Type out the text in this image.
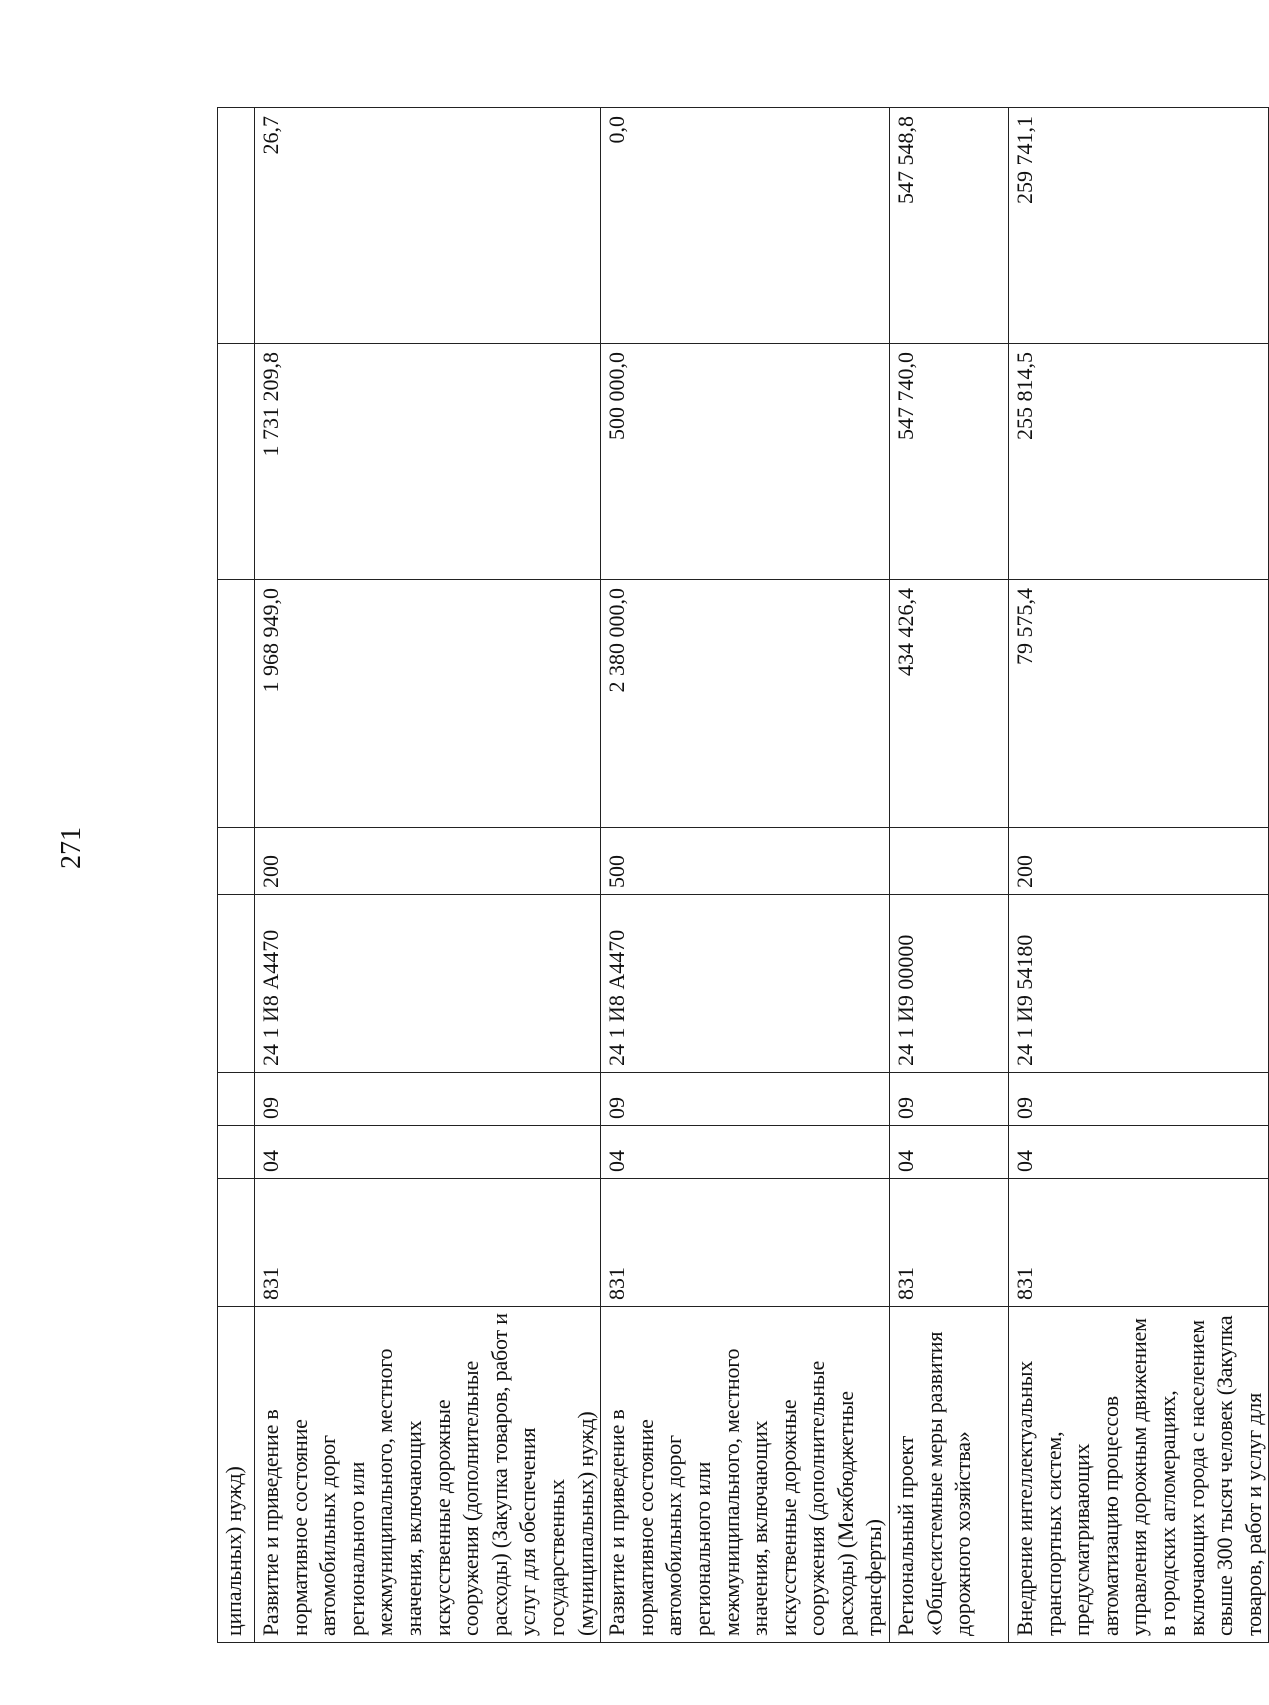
271
ципальных) нужд)								
Развитие и приведение в нормативное состояние автомобильных дорог регионального или межмуниципального, местного значения, включающих искусственные дорожные сооружения (дополнительные расходы) (Закупка товаров, работ и услуг для обеспечения государственных (муниципальных) нужд)	831	04	09	24 1 И8 А4470	200	1 968 949,0	1 731 209,8	26,7
Развитие и приведение в нормативное состояние автомобильных дорог регионального или межмуниципального, местного значения, включающих искусственные дорожные сооружения (дополнительные расходы) (Межбюджетные трансферты)	831	04	09	24 1 И8 А4470	500	2 380 000,0	500 000,0	0,0
Региональный проект «Общесистемные меры развития дорожного хозяйства»	831	04	09	24 1 И9 00000		434 426,4	547 740,0	547 548,8
Внедрение интеллектуальных транспортных систем, предусматривающих автоматизацию процессов управления дорожным движением в городских агломерациях, включающих города с населением свыше 300 тысяч человек (Закупка товаров, работ и услуг для	831	04	09	24 1 И9 54180	200	79 575,4	255 814,5	259 741,1
